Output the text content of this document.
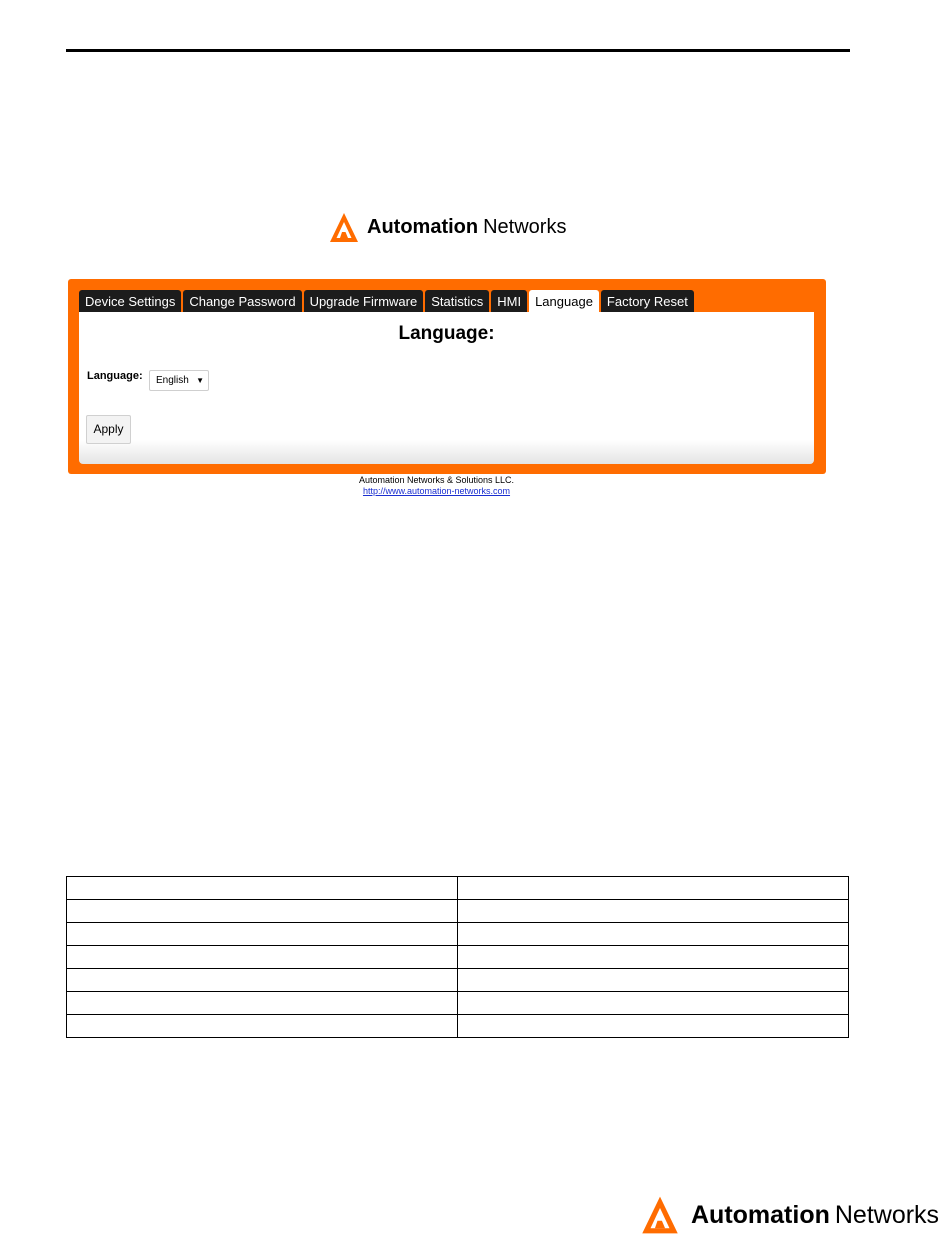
Automation Networks
Device Settings	Change Password	Upgrade Firmware	Statistics	HMI	Language	Factory Reset
Language:
Language:	English ▼
Apply
Automation Networks & Solutions LLC.
http://www.automation-networks.com

Automation Networks
